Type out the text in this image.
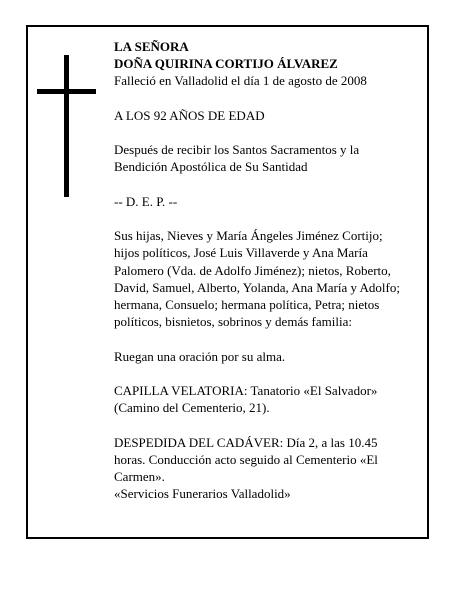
LA SEÑORA
DOÑA QUIRINA CORTIJO ÁLVAREZ
Falleció en Valladolid el día 1 de agosto de 2008
A LOS 92 AÑOS DE EDAD
Después de recibir los Santos Sacramentos y la
Bendición Apostólica de Su Santidad
-- D. E. P. --
Sus hijas, Nieves y María Ángeles Jiménez Cortijo;
hijos políticos, José Luis Villaverde y Ana María
Palomero (Vda. de Adolfo Jiménez); nietos, Roberto,
David, Samuel, Alberto, Yolanda, Ana María y Adolfo;
hermana, Consuelo; hermana política, Petra; nietos
políticos, bisnietos, sobrinos y demás familia:
Ruegan una oración por su alma.
CAPILLA VELATORIA: Tanatorio «El Salvador»
(Camino del Cementerio, 21).
DESPEDIDA DEL CADÁVER: Día 2, a las 10.45
horas. Conducción acto seguido al Cementerio «El
Carmen».
«Servicios Funerarios Valladolid»
